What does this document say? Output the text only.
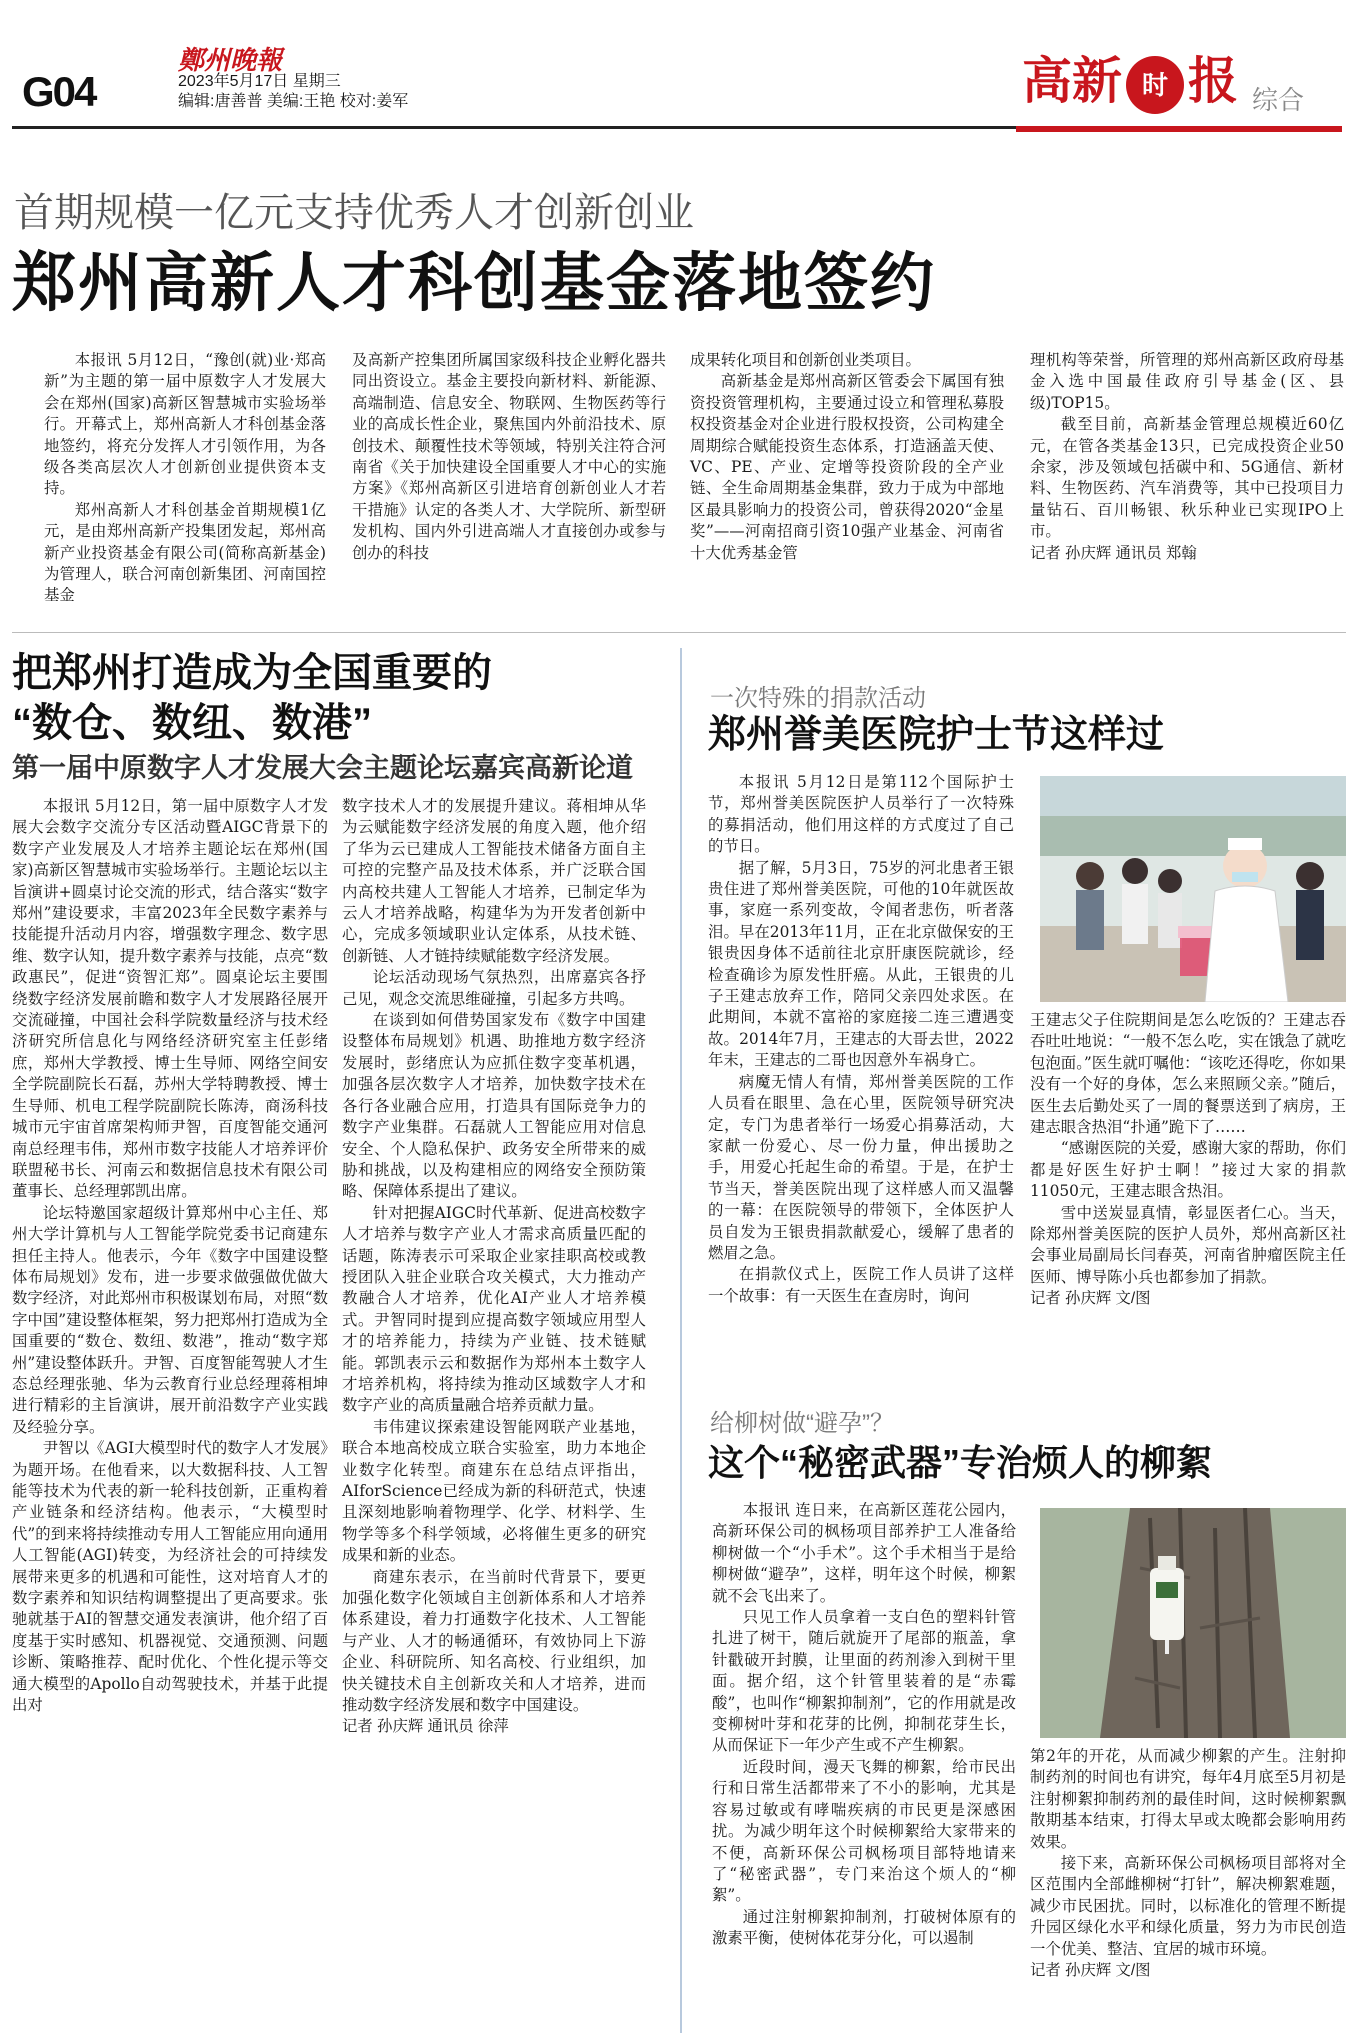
G04
鄭州晚報
2023年5月17日 星期三
编辑:唐善普 美编:王艳 校对:姜军	高新 时 报 综合
首期规模一亿元支持优秀人才创新创业
郑州高新人才科创基金落地签约

本报讯 5月12日，“豫创(就)业·郑高新”为主题的第一届中原数字人才发展大会在郑州(国家)高新区智慧城市实验场举行。开幕式上，郑州高新人才科创基金落地签约，将充分发挥人才引领作用，为各级各类高层次人才创新创业提供资本支持。

郑州高新人才科创基金首期规模1亿元，是由郑州高新产投集团发起，郑州高新产业投资基金有限公司(简称高新基金)为管理人，联合河南创新集团、河南国控基金

及高新产控集团所属国家级科技企业孵化器共同出资设立。基金主要投向新材料、新能源、高端制造、信息安全、物联网、生物医药等行业的高成长性企业，聚焦国内外前沿技术、原创技术、颠覆性技术等领域，特别关注符合河南省《关于加快建设全国重要人才中心的实施方案》《郑州高新区引进培育创新创业人才若干措施》认定的各类人才、大学院所、新型研发机构、国内外引进高端人才直接创办或参与创办的科技

成果转化项目和创新创业类项目。

高新基金是郑州高新区管委会下属国有独资投资管理机构，主要通过设立和管理私募股权投资基金对企业进行股权投资，公司构建全周期综合赋能投资生态体系，打造涵盖天使、VC、PE、产业、定增等投资阶段的全产业链、全生命周期基金集群，致力于成为中部地区最具影响力的投资公司，曾获得2020“金星奖”——河南招商引资10强产业基金、河南省十大优秀基金管

理机构等荣誉，所管理的郑州高新区政府母基金入选中国最佳政府引导基金(区、县级)TOP15。

截至目前，高新基金管理总规模近60亿元，在管各类基金13只，已完成投资企业50余家，涉及领域包括碳中和、5G通信、新材料、生物医药、汽车消费等，其中已投项目力量钻石、百川畅银、秋乐种业已实现IPO上市。

记者 孙庆辉 通讯员 郑翰
把郑州打造成为全国重要的
“数仓、数纽、数港”
第一届中原数字人才发展大会主题论坛嘉宾高新论道

本报讯 5月12日，第一届中原数字人才发展大会数字交流分专区活动暨AIGC背景下的数字产业发展及人才培养主题论坛在郑州(国家)高新区智慧城市实验场举行。主题论坛以主旨演讲+圆桌讨论交流的形式，结合落实“数字郑州”建设要求，丰富2023年全民数字素养与技能提升活动月内容，增强数字理念、数字思维、数字认知，提升数字素养与技能，点亮“数政惠民”，促进“资智汇郑”。圆桌论坛主要围绕数字经济发展前瞻和数字人才发展路径展开交流碰撞，中国社会科学院数量经济与技术经济研究所信息化与网络经济研究室主任彭绪庶，郑州大学教授、博士生导师、网络空间安全学院副院长石磊，苏州大学特聘教授、博士生导师、机电工程学院副院长陈涛，商汤科技城市元宇宙首席架构师尹智，百度智能交通河南总经理韦伟，郑州市数字技能人才培养评价联盟秘书长、河南云和数据信息技术有限公司董事长、总经理郭凯出席。

论坛特邀国家超级计算郑州中心主任、郑州大学计算机与人工智能学院党委书记商建东担任主持人。他表示，今年《数字中国建设整体布局规划》发布，进一步要求做强做优做大数字经济，对此郑州市积极谋划布局，对照“数字中国”建设整体框架，努力把郑州打造成为全国重要的“数仓、数纽、数港”，推动“数字郑州”建设整体跃升。尹智、百度智能驾驶人才生态总经理张驰、华为云教育行业总经理蒋相坤进行精彩的主旨演讲，展开前沿数字产业实践及经验分享。

尹智以《AGI大模型时代的数字人才发展》为题开场。在他看来，以大数据科技、人工智能等技术为代表的新一轮科技创新，正重构着产业链条和经济结构。他表示，“大模型时代”的到来将持续推动专用人工智能应用向通用人工智能(AGI)转变，为经济社会的可持续发展带来更多的机遇和可能性，这对培育人才的数字素养和知识结构调整提出了更高要求。张驰就基于AI的智慧交通发表演讲，他介绍了百度基于实时感知、机器视觉、交通预测、问题诊断、策略推荐、配时优化、个性化提示等交通大模型的Apollo自动驾驶技术，并基于此提出对

数字技术人才的发展提升建议。蒋相坤从华为云赋能数字经济发展的角度入题，他介绍了华为云已建成人工智能技术储备方面自主可控的完整产品及技术体系，并广泛联合国内高校共建人工智能人才培养，已制定华为云人才培养战略，构建华为为开发者创新中心，完成多领域职业认定体系，从技术链、创新链、人才链持续赋能数字经济发展。

论坛活动现场气氛热烈，出席嘉宾各抒己见，观念交流思维碰撞，引起多方共鸣。

在谈到如何借势国家发布《数字中国建设整体布局规划》机遇、助推地方数字经济发展时，彭绪庶认为应抓住数字变革机遇，加强各层次数字人才培养，加快数字技术在各行各业融合应用，打造具有国际竞争力的数字产业集群。石磊就人工智能应用对信息安全、个人隐私保护、政务安全所带来的威胁和挑战，以及构建相应的网络安全预防策略、保障体系提出了建议。

针对把握AIGC时代革新、促进高校数字人才培养与数字产业人才需求高质量匹配的话题，陈涛表示可采取企业家挂职高校或教授团队入驻企业联合攻关模式，大力推动产教融合人才培养，优化AI产业人才培养模式。尹智同时提到应提高数字领域应用型人才的培养能力，持续为产业链、技术链赋能。郭凯表示云和数据作为郑州本土数字人才培养机构，将持续为推动区域数字人才和数字产业的高质量融合培养贡献力量。

韦伟建议探索建设智能网联产业基地，联合本地高校成立联合实验室，助力本地企业数字化转型。商建东在总结点评指出，AIforScience已经成为新的科研范式，快速且深刻地影响着物理学、化学、材料学、生物学等多个科学领域，必将催生更多的研究成果和新的业态。

商建东表示，在当前时代背景下，要更加强化数字化领域自主创新体系和人才培养体系建设，着力打通数字化技术、人工智能与产业、人才的畅通循环，有效协同上下游企业、科研院所、知名高校、行业组织，加快关键技术自主创新攻关和人才培养，进而推动数字经济发展和数字中国建设。

记者 孙庆辉 通讯员 徐萍
一次特殊的捐款活动
郑州誉美医院护士节这样过

本报讯 5月12日是第112个国际护士节，郑州誉美医院医护人员举行了一次特殊的募捐活动，他们用这样的方式度过了自己的节日。

据了解，5月3日，75岁的河北患者王银贵住进了郑州誉美医院，可他的10年就医故事，家庭一系列变故，令闻者悲伤，听者落泪。早在2013年11月，正在北京做保安的王银贵因身体不适前往北京肝康医院就诊，经检查确诊为原发性肝癌。从此，王银贵的儿子王建志放弃工作，陪同父亲四处求医。在此期间，本就不富裕的家庭接二连三遭遇变故。2014年7月，王建志的大哥去世，2022年末，王建志的二哥也因意外车祸身亡。

病魔无情人有情，郑州誉美医院的工作人员看在眼里、急在心里，医院领导研究决定，专门为患者举行一场爱心捐募活动，大家献一份爱心、尽一份力量，伸出援助之手，用爱心托起生命的希望。于是，在护士节当天，誉美医院出现了这样感人而又温馨的一幕：在医院领导的带领下，全体医护人员自发为王银贵捐款献爱心，缓解了患者的燃眉之急。

在捐款仪式上，医院工作人员讲了这样一个故事：有一天医生在查房时，询问

王建志父子住院期间是怎么吃饭的？王建志吞吞吐吐地说：“一般不怎么吃，实在饿急了就吃包泡面。”医生就叮嘱他：“该吃还得吃，你如果没有一个好的身体，怎么来照顾父亲。”随后，医生去后勤处买了一周的餐票送到了病房，王建志眼含热泪“扑通”跪下了……

“感谢医院的关爱，感谢大家的帮助，你们都是好医生好护士啊！”接过大家的捐款11050元，王建志眼含热泪。

雪中送炭显真情，彰显医者仁心。当天，除郑州誉美医院的医护人员外，郑州高新区社会事业局副局长闫春英，河南省肿瘤医院主任医师、博导陈小兵也都参加了捐款。

记者 孙庆辉 文/图
给柳树做“避孕”？
这个“秘密武器”专治烦人的柳絮

本报讯 连日来，在高新区莲花公园内，高新环保公司的枫杨项目部养护工人准备给柳树做一个“小手术”。这个手术相当于是给柳树做“避孕”，这样，明年这个时候，柳絮就不会飞出来了。

只见工作人员拿着一支白色的塑料针管扎进了树干，随后就旋开了尾部的瓶盖，拿针戳破开封膜，让里面的药剂渗入到树干里面。据介绍，这个针管里装着的是“赤霉酸”，也叫作“柳絮抑制剂”，它的作用就是改变柳树叶芽和花芽的比例，抑制花芽生长，从而保证下一年少产生或不产生柳絮。

近段时间，漫天飞舞的柳絮，给市民出行和日常生活都带来了不小的影响，尤其是容易过敏或有哮喘疾病的市民更是深感困扰。为减少明年这个时候柳絮给大家带来的不便，高新环保公司枫杨项目部特地请来了“秘密武器”，专门来治这个烦人的“柳絮”。

通过注射柳絮抑制剂，打破树体原有的激素平衡，使树体花芽分化，可以遏制

第2年的开花，从而减少柳絮的产生。注射抑制药剂的时间也有讲究，每年4月底至5月初是注射柳絮抑制药剂的最佳时间，这时候柳絮飘散期基本结束，打得太早或太晚都会影响用药效果。

接下来，高新环保公司枫杨项目部将对全区范围内全部雌柳树“打针”，解决柳絮难题，减少市民困扰。同时，以标准化的管理不断提升园区绿化水平和绿化质量，努力为市民创造一个优美、整洁、宜居的城市环境。

记者 孙庆辉 文/图
